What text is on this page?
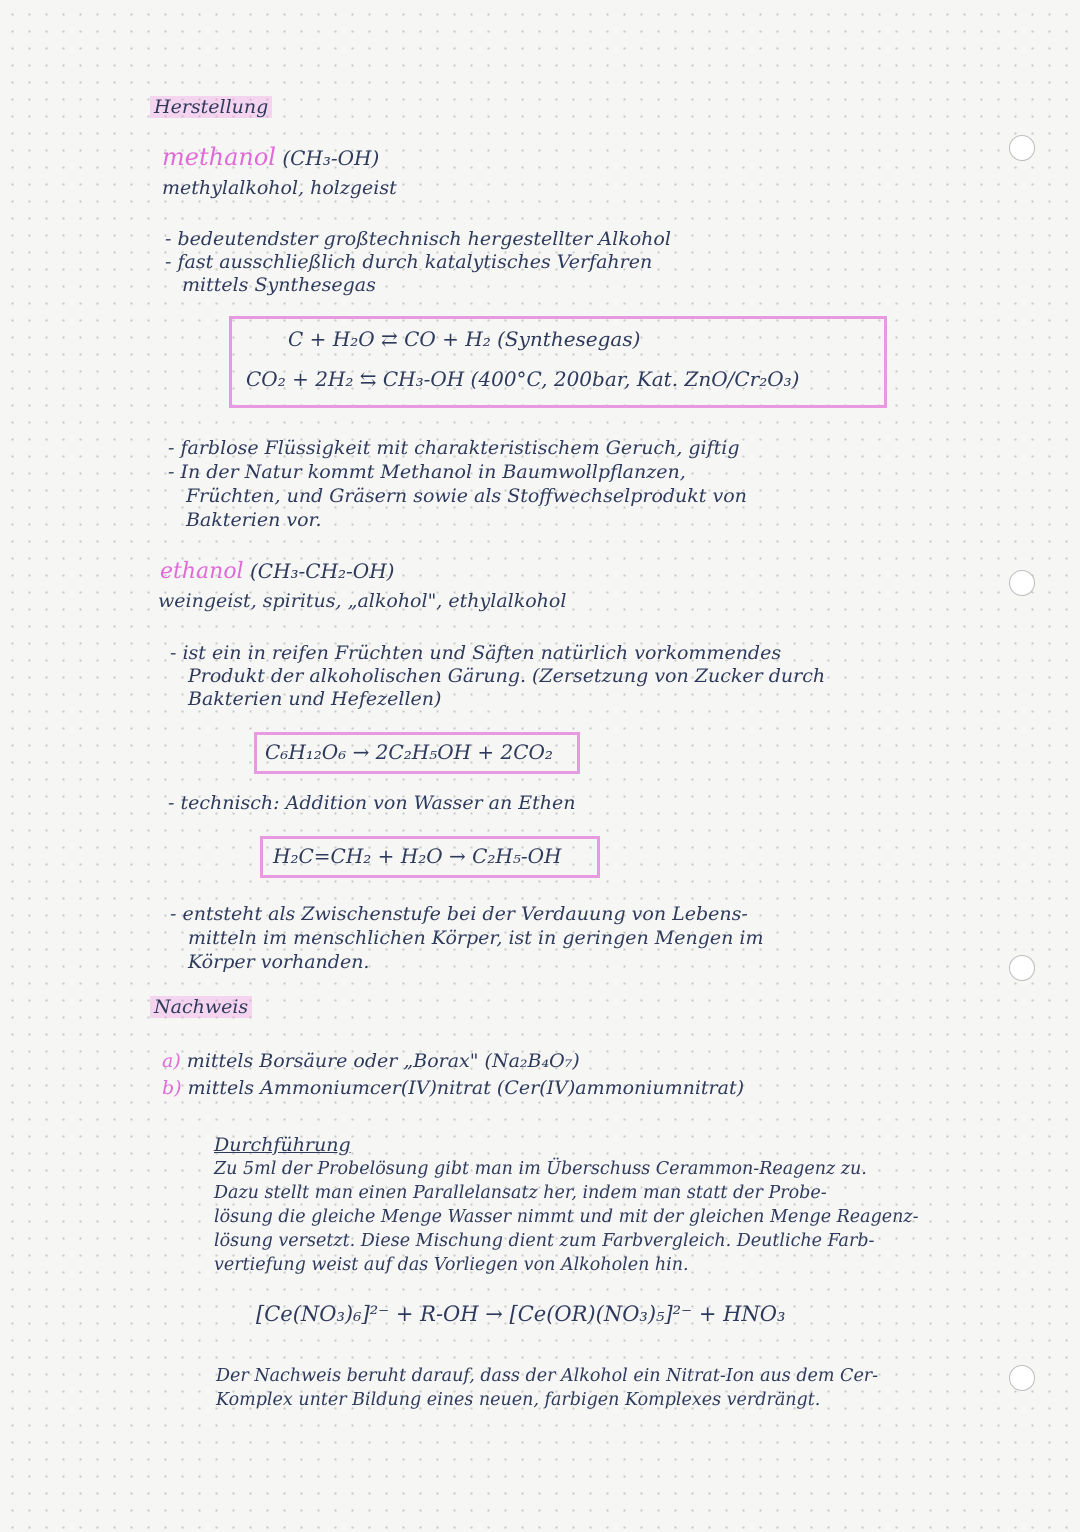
Herstellung
methanol (CH₃-OH)
methylalkohol, holzgeist
- bedeutendster großtechnisch hergestellter Alkohol
- fast ausschließlich durch katalytisches Verfahren
mittels Synthesegas
C + H₂O ⇄ CO + H₂ (Synthesegas)
CO₂ + 2H₂ ⇆ CH₃-OH (400°C, 200bar, Kat. ZnO/Cr₂O₃)
- farblose Flüssigkeit mit charakteristischem Geruch, giftig
- In der Natur kommt Methanol in Baumwollpflanzen,
Früchten, und Gräsern sowie als Stoffwechselprodukt von
Bakterien vor.
ethanol (CH₃-CH₂-OH)
weingeist, spiritus, „alkohol", ethylalkohol
- ist ein in reifen Früchten und Säften natürlich vorkommendes
Produkt der alkoholischen Gärung. (Zersetzung von Zucker durch
Bakterien und Hefezellen)
C₆H₁₂O₆ → 2C₂H₅OH + 2CO₂
- technisch: Addition von Wasser an Ethen
H₂C=CH₂ + H₂O → C₂H₅-OH
- entsteht als Zwischenstufe bei der Verdauung von Lebens-
mitteln im menschlichen Körper, ist in geringen Mengen im
Körper vorhanden.
Nachweis
a) mittels Borsäure oder „Borax" (Na₂B₄O₇)
b) mittels Ammoniumcer(IV)nitrat (Cer(IV)ammoniumnitrat)
Durchführung
Zu 5ml der Probelösung gibt man im Überschuss Cerammon-Reagenz zu.
Dazu stellt man einen Parallelansatz her, indem man statt der Probe-
lösung die gleiche Menge Wasser nimmt und mit der gleichen Menge Reagenz-
lösung versetzt. Diese Mischung dient zum Farbvergleich. Deutliche Farb-
vertiefung weist auf das Vorliegen von Alkoholen hin.
[Ce(NO₃)₆]²⁻ + R-OH → [Ce(OR)(NO₃)₅]²⁻ + HNO₃
Der Nachweis beruht darauf, dass der Alkohol ein Nitrat-Ion aus dem Cer-
Komplex unter Bildung eines neuen, farbigen Komplexes verdrängt.
